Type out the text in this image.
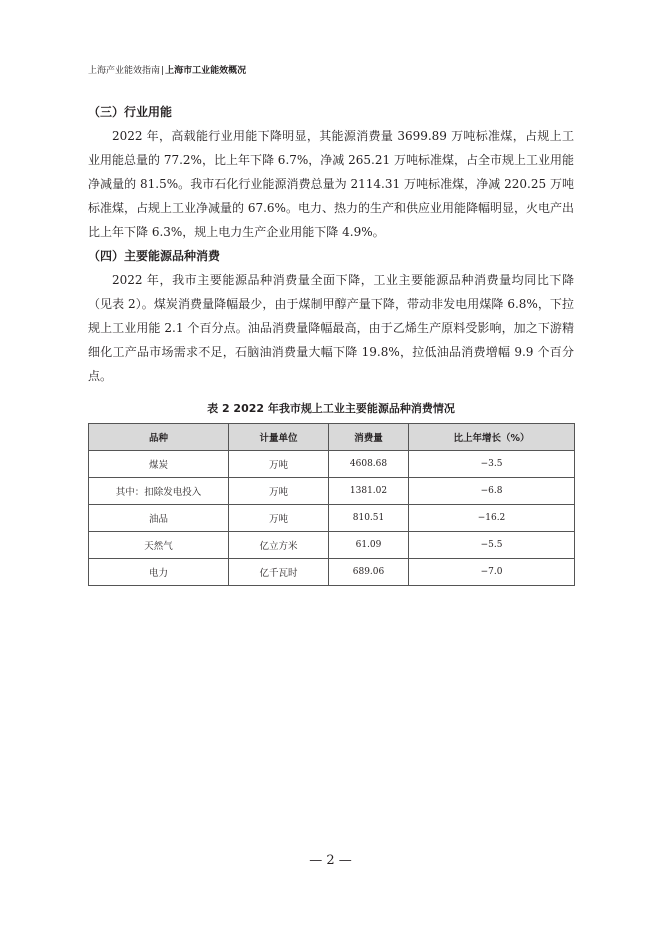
上海产业能效指南|上海市工业能效概况
（三）行业用能

2022 年，高载能行业用能下降明显，其能源消费量 3699.89 万吨标准煤，占规上工业用能总量的 77.2%，比上年下降 6.7%，净减 265.21 万吨标准煤，占全市规上工业用能净减量的 81.5%。我市石化行业能源消费总量为 2114.31 万吨标准煤，净减 220.25 万吨标准煤，占规上工业净减量的 67.6%。电力、热力的生产和供应业用能降幅明显，火电产出比上年下降 6.3%，规上电力生产企业用能下降 4.9%。

（四）主要能源品种消费

2022 年，我市主要能源品种消费量全面下降，工业主要能源品种消费量均同比下降（见表 2）。煤炭消费量降幅最少，由于煤制甲醇产量下降，带动非发电用煤降 6.8%，下拉规上工业用能 2.1 个百分点。油品消费量降幅最高，由于乙烯生产原料受影响，加之下游精细化工产品市场需求不足，石脑油消费量大幅下降 19.8%，拉低油品消费增幅 9.9 个百分点。

表 2 2022 年我市规上工业主要能源品种消费情况
品种	计量单位	消费量	比上年增长（%）
煤炭	万吨	4608.68	−3.5
其中：扣除发电投入	万吨	1381.02	−6.8
油品	万吨	810.51	−16.2
天然气	亿立方米	61.09	−5.5
电力	亿千瓦时	689.06	−7.0
— 2 —
